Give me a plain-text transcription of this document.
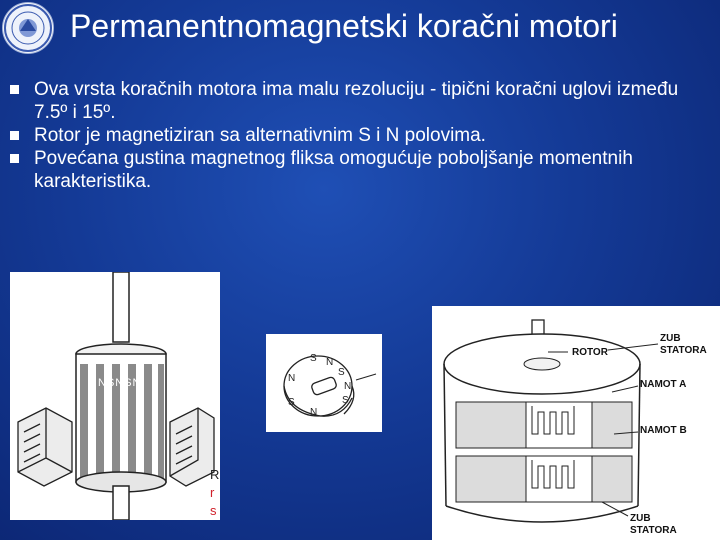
Permanentnomagnetski koračni motori
Ova vrsta koračnih motora ima malu rezoluciju - tipični koračni uglovi između 7.5º i 15º.
Rotor je magnetiziran sa alternativnim S i N polovima.
Povećana gustina magnetnog fliksa omogućuje poboljšanje momentnih karakteristika.
NSNSN
R
r
s
S N
S
N
S
N
S
N
ROTOR
ZUB
STATORA
NAMOT A
NAMOT B
ZUB
STATORA
